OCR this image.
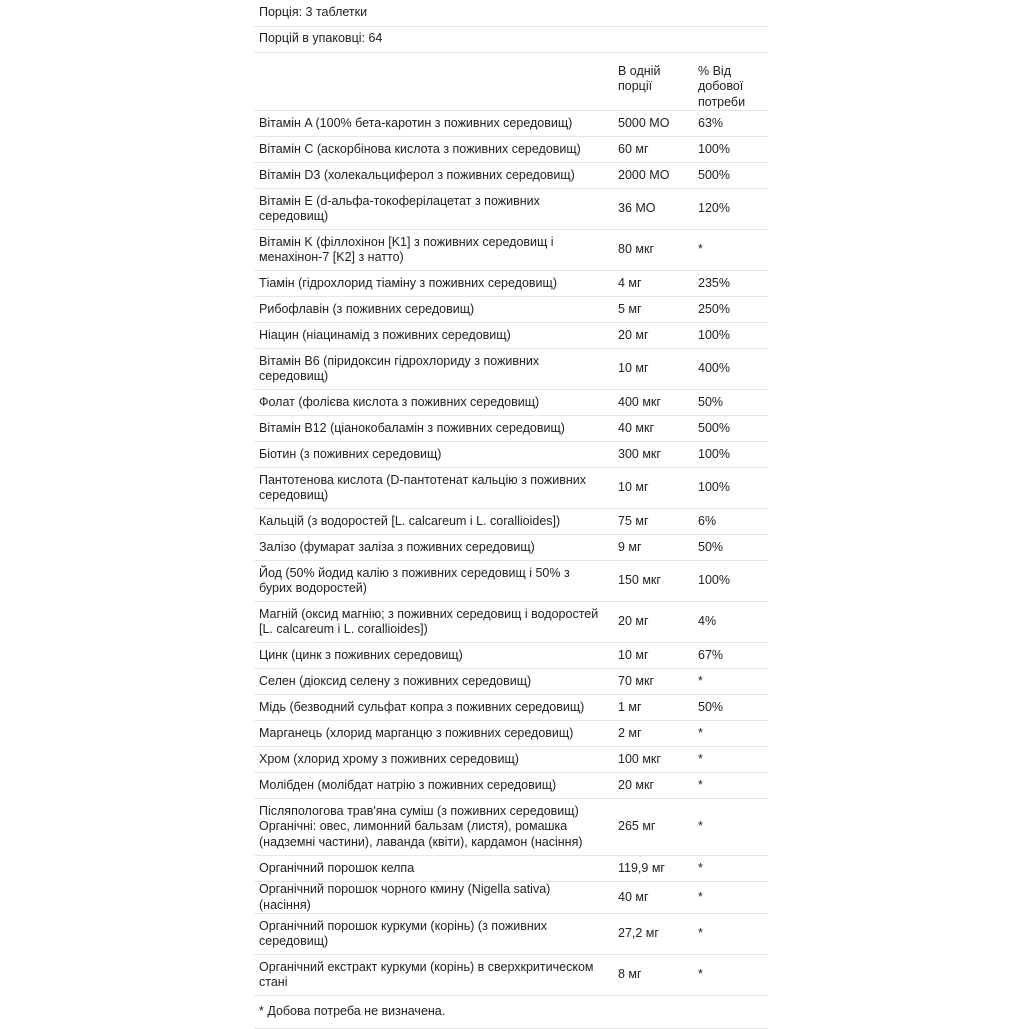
Порція: 3 таблетки		
Порцій в упаковці: 64		
	В одній порції	% Від добової потреби
Вітамін A (100% бета-каротин з поживних середовищ)	5000 МО	63%
Вітамін C (аскорбінова кислота з поживних середовищ)	60 мг	100%
Вітамін D3 (холекальциферол з поживних середовищ)	2000 МО	500%
Вітамін E (d-альфа-токоферілацетат з поживних середовищ)	36 МО	120%
Вітамін K (філлохінон [K1] з поживних середовищ і менахінон-7 [K2] з натто)	80 мкг	*
Тіамін (гідрохлорид тіаміну з поживних середовищ)	4 мг	235%
Рибофлавін (з поживних середовищ)	5 мг	250%
Ніацин (ніацинамід з поживних середовищ)	20 мг	100%
Вітамін B6 (піридоксин гідрохлориду з поживних середовищ)	10 мг	400%
Фолат (фолієва кислота з поживних середовищ)	400 мкг	50%
Вітамін B12 (ціанокобаламін з поживних середовищ)	40 мкг	500%
Біотин (з поживних середовищ)	300 мкг	100%
Пантотенова кислота (D-пантотенат кальцію з поживних середовищ)	10 мг	100%
Кальцій (з водоростей [L. calcareum і L. corallioides])	75 мг	6%
Залізо (фумарат заліза з поживних середовищ)	9 мг	50%
Йод (50% йодид калію з поживних середовищ і 50% з бурих водоростей)	150 мкг	100%
Магній (оксид магнію; з поживних середовищ і водоростей [L. calcareum і L. corallioides])	20 мг	4%
Цинк (цинк з поживних середовищ)	10 мг	67%
Селен (діоксид селену з поживних середовищ)	70 мкг	*
Мідь (безводний сульфат копра з поживних середовищ)	1 мг	50%
Марганець (хлорид марганцю з поживних середовищ)	2 мг	*
Хром (хлорид хрому з поживних середовищ)	100 мкг	*
Молібден (молібдат натрію з поживних середовищ)	20 мкг	*
Післяпологова трав'яна суміш (з поживних середовищ) Органічні: овес, лимонний бальзам (листя), ромашка (надземні частини), лаванда (квіти), кардамон (насіння)	265 мг	*
Органічний порошок келпа	119,9 мг	*
Органічний порошок чорного кмину (Nigella sativa) (насіння)	40 мг	*
Органічний порошок куркуми (корінь) (з поживних середовищ)	27,2 мг	*
Органічний екстракт куркуми (корінь) в сверхкритическом стані	8 мг	*
* Добова потреба не визначена.		
